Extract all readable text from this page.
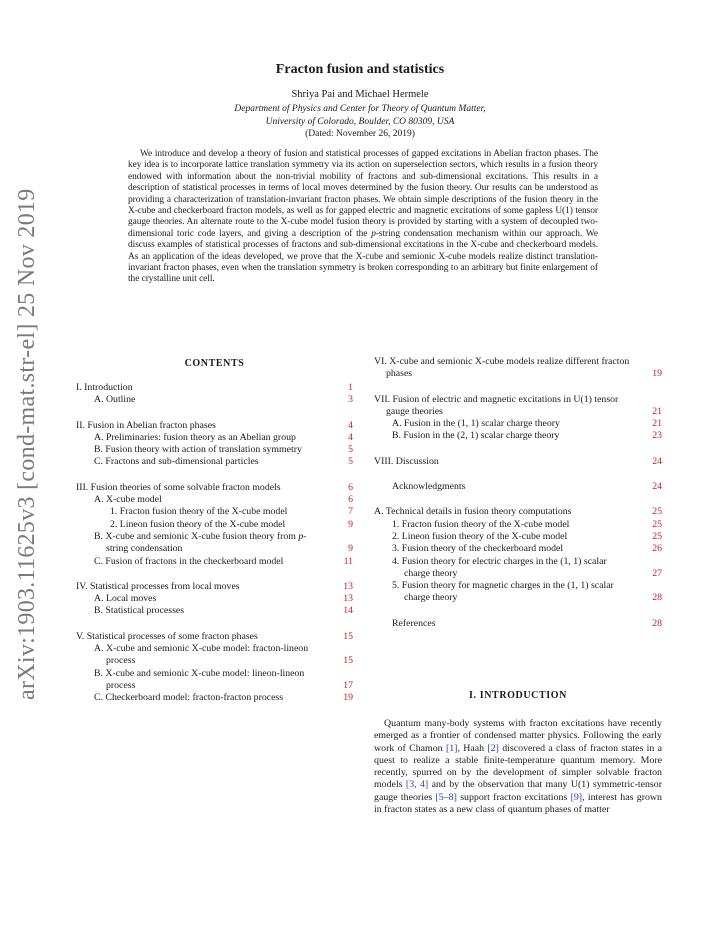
arXiv:1903.11625v3 [cond-mat.str-el] 25 Nov 2019
Fracton fusion and statistics
Shriya Pai and Michael Hermele
Department of Physics and Center for Theory of Quantum Matter,
University of Colorado, Boulder, CO 80309, USA
(Dated: November 26, 2019)

We introduce and develop a theory of fusion and statistical processes of gapped excitations in Abelian fracton phases. The key idea is to incorporate lattice translation symmetry via its action on superselection sectors, which results in a fusion theory endowed with information about the non-trivial mobility of fractons and sub-dimensional excitations. This results in a description of statistical processes in terms of local moves determined by the fusion theory. Our results can be understood as providing a characterization of translation-invariant fracton phases. We obtain simple descriptions of the fusion theory in the X-cube and checkerboard fracton models, as well as for gapped electric and magnetic excitations of some gapless U(1) tensor gauge theories. An alternate route to the X-cube model fusion theory is provided by starting with a system of decoupled two-dimensional toric code layers, and giving a description of the p-string condensation mechanism within our approach. We discuss examples of statistical processes of fractons and sub-dimensional excitations in the X-cube and checkerboard models. As an application of the ideas developed, we prove that the X-cube and semionic X-cube models realize distinct translation-invariant fracton phases, even when the translation symmetry is broken corresponding to an arbitrary but finite enlargement of the crystalline unit cell.

CONTENTS
I. Introduction	1
A. Outline	3
II. Fusion in Abelian fracton phases	4
A. Preliminaries: fusion theory as an Abelian group	4
B. Fusion theory with action of translation symmetry	5
C. Fractons and sub-dimensional particles	5
III. Fusion theories of some solvable fracton models	6
A. X-cube model	6
1. Fracton fusion theory of the X-cube model	7
2. Lineon fusion theory of the X-cube model	9
B. X-cube and semionic X-cube fusion theory from p-string condensation	9
C. Fusion of fractons in the checkerboard model	11
IV. Statistical processes from local moves	13
A. Local moves	13
B. Statistical processes	14
V. Statistical processes of some fracton phases	15
A. X-cube and semionic X-cube model: fracton-lineon process	15
B. X-cube and semionic X-cube model: lineon-lineon process	17
C. Checkerboard model: fracton-fracton process	19
VI. X-cube and semionic X-cube models realize different fracton phases	19
VII. Fusion of electric and magnetic excitations in U(1) tensor gauge theories	21
A. Fusion in the (1, 1) scalar charge theory	21
B. Fusion in the (2, 1) scalar charge theory	23
VIII. Discussion	24
Acknowledgments	24
A. Technical details in fusion theory computations	25
1. Fracton fusion theory of the X-cube model	25
2. Lineon fusion theory of the X-cube model	25
3. Fusion theory of the checkerboard model	26
4. Fusion theory for electric charges in the (1, 1) scalar charge theory	27
5. Fusion theory for magnetic charges in the (1, 1) scalar charge theory	28
References	28
I. INTRODUCTION

Quantum many-body systems with fracton excitations have recently emerged as a frontier of condensed matter physics. Following the early work of Chamon [1], Haah [2] discovered a class of fracton states in a quest to realize a stable finite-temperature quantum memory. More recently, spurred on by the development of simpler solvable fracton models [3, 4] and by the observation that many U(1) symmetric-tensor gauge theories [5–8] support fracton excitations [9], interest has grown in fracton states as a new class of quantum phases of matter
